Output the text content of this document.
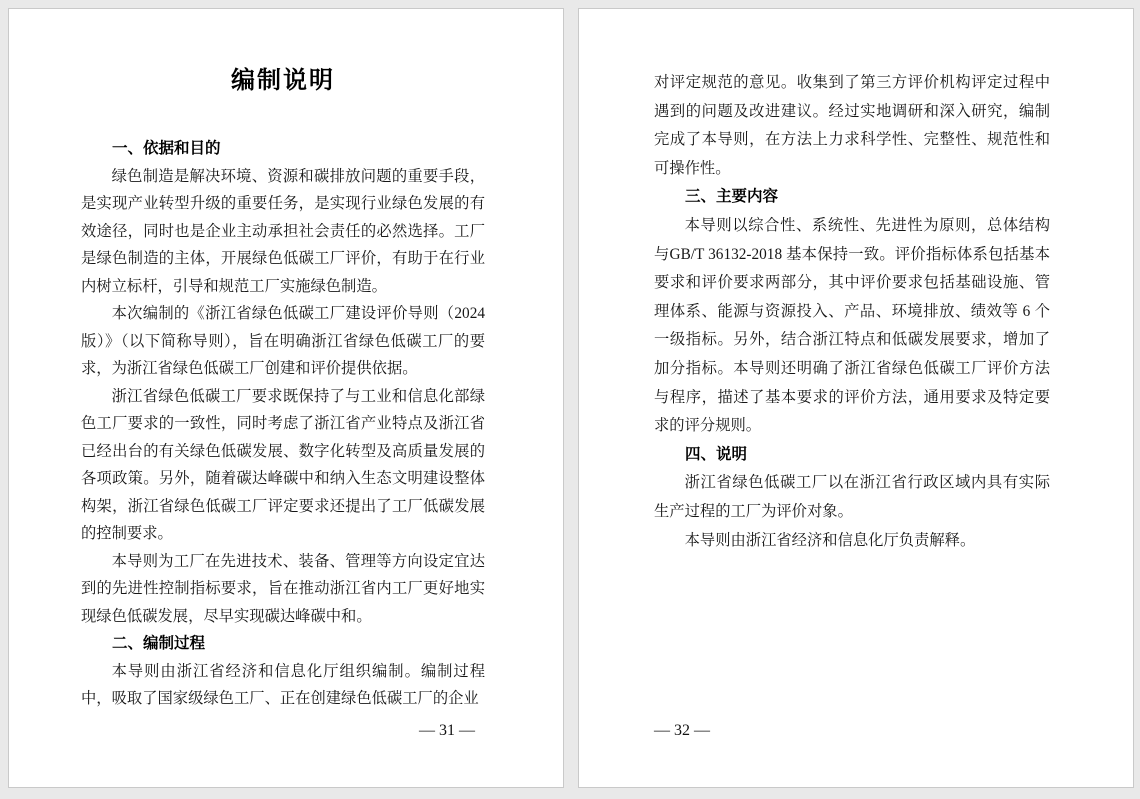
编制说明
一、依据和目的

绿色制造是解决环境、资源和碳排放问题的重要手段，是实现产业转型升级的重要任务，是实现行业绿色发展的有效途径，同时也是企业主动承担社会责任的必然选择。工厂是绿色制造的主体，开展绿色低碳工厂评价，有助于在行业内树立标杆，引导和规范工厂实施绿色制造。

本次编制的《浙江省绿色低碳工厂建设评价导则（2024版）》（以下简称导则），旨在明确浙江省绿色低碳工厂的要求，为浙江省绿色低碳工厂创建和评价提供依据。

浙江省绿色低碳工厂要求既保持了与工业和信息化部绿色工厂要求的一致性，同时考虑了浙江省产业特点及浙江省已经出台的有关绿色低碳发展、数字化转型及高质量发展的各项政策。另外，随着碳达峰碳中和纳入生态文明建设整体构架，浙江省绿色低碳工厂评定要求还提出了工厂低碳发展的控制要求。

本导则为工厂在先进技术、装备、管理等方向设定宜达到的先进性控制指标要求，旨在推动浙江省内工厂更好地实现绿色低碳发展，尽早实现碳达峰碳中和。

二、编制过程

本导则由浙江省经济和信息化厅组织编制。编制过程中，吸取了国家级绿色工厂、正在创建绿色低碳工厂的企业

— 31 —

对评定规范的意见。收集到了第三方评价机构评定过程中遇到的问题及改进建议。经过实地调研和深入研究，编制完成了本导则，在方法上力求科学性、完整性、规范性和可操作性。

三、主要内容

本导则以综合性、系统性、先进性为原则，总体结构与GB/T 36132-2018 基本保持一致。评价指标体系包括基本要求和评价要求两部分，其中评价要求包括基础设施、管理体系、能源与资源投入、产品、环境排放、绩效等 6 个一级指标。另外，结合浙江特点和低碳发展要求，增加了加分指标。本导则还明确了浙江省绿色低碳工厂评价方法与程序，描述了基本要求的评价方法，通用要求及特定要求的评分规则。

四、说明

浙江省绿色低碳工厂以在浙江省行政区域内具有实际生产过程的工厂为评价对象。

本导则由浙江省经济和信息化厅负责解释。

— 32 —
